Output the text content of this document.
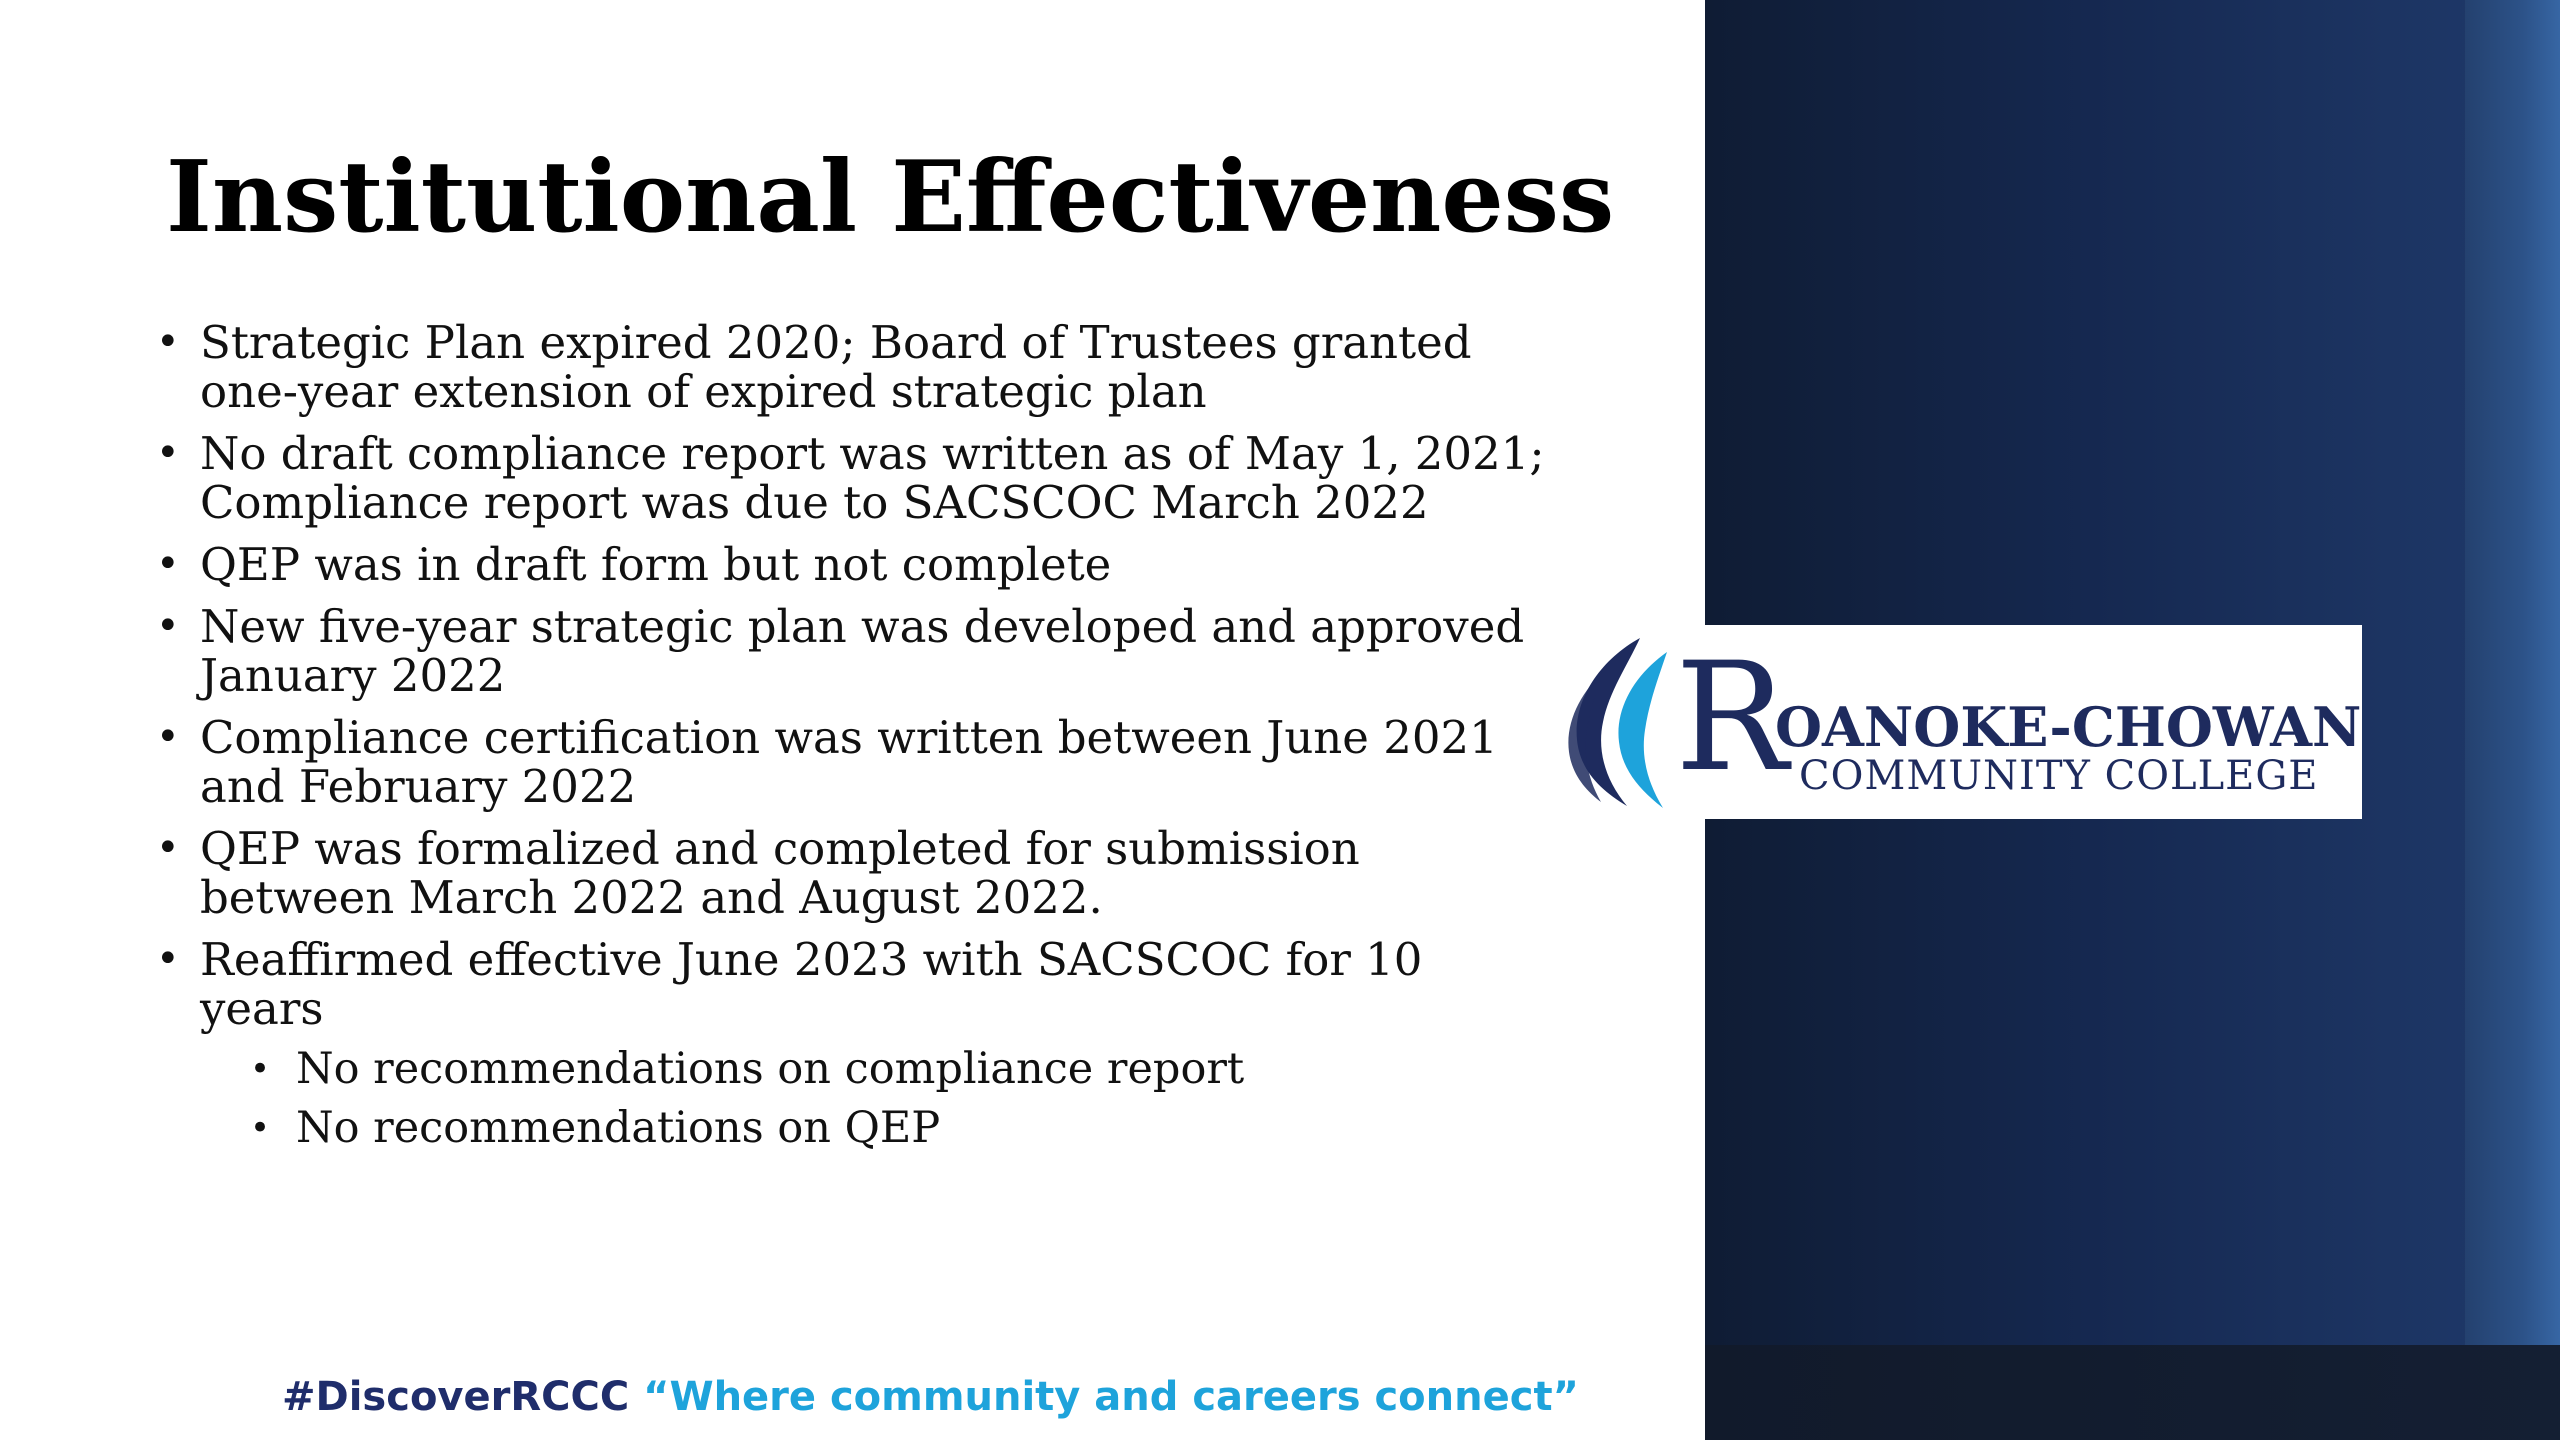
Institutional Effectiveness
• Strategic Plan expired 2020; Board of Trustees granted one-year extension of expired strategic plan
• No draft compliance report was written as of May 1, 2021; Compliance report was due to SACSCOC March 2022
• QEP was in draft form but not complete
• New five-year strategic plan was developed and approved January 2022
• Compliance certification was written between June 2021 and February 2022
• QEP was formalized and completed for submission between March 2022 and August 2022.
• Reaffirmed effective June 2023 with SACSCOC for 10 years
• No recommendations on compliance report
• No recommendations on QEP
R
OANOKE-CHOWAN
COMMUNITY COLLEGE
#DiscoverRCCC “Where community and careers connect”
